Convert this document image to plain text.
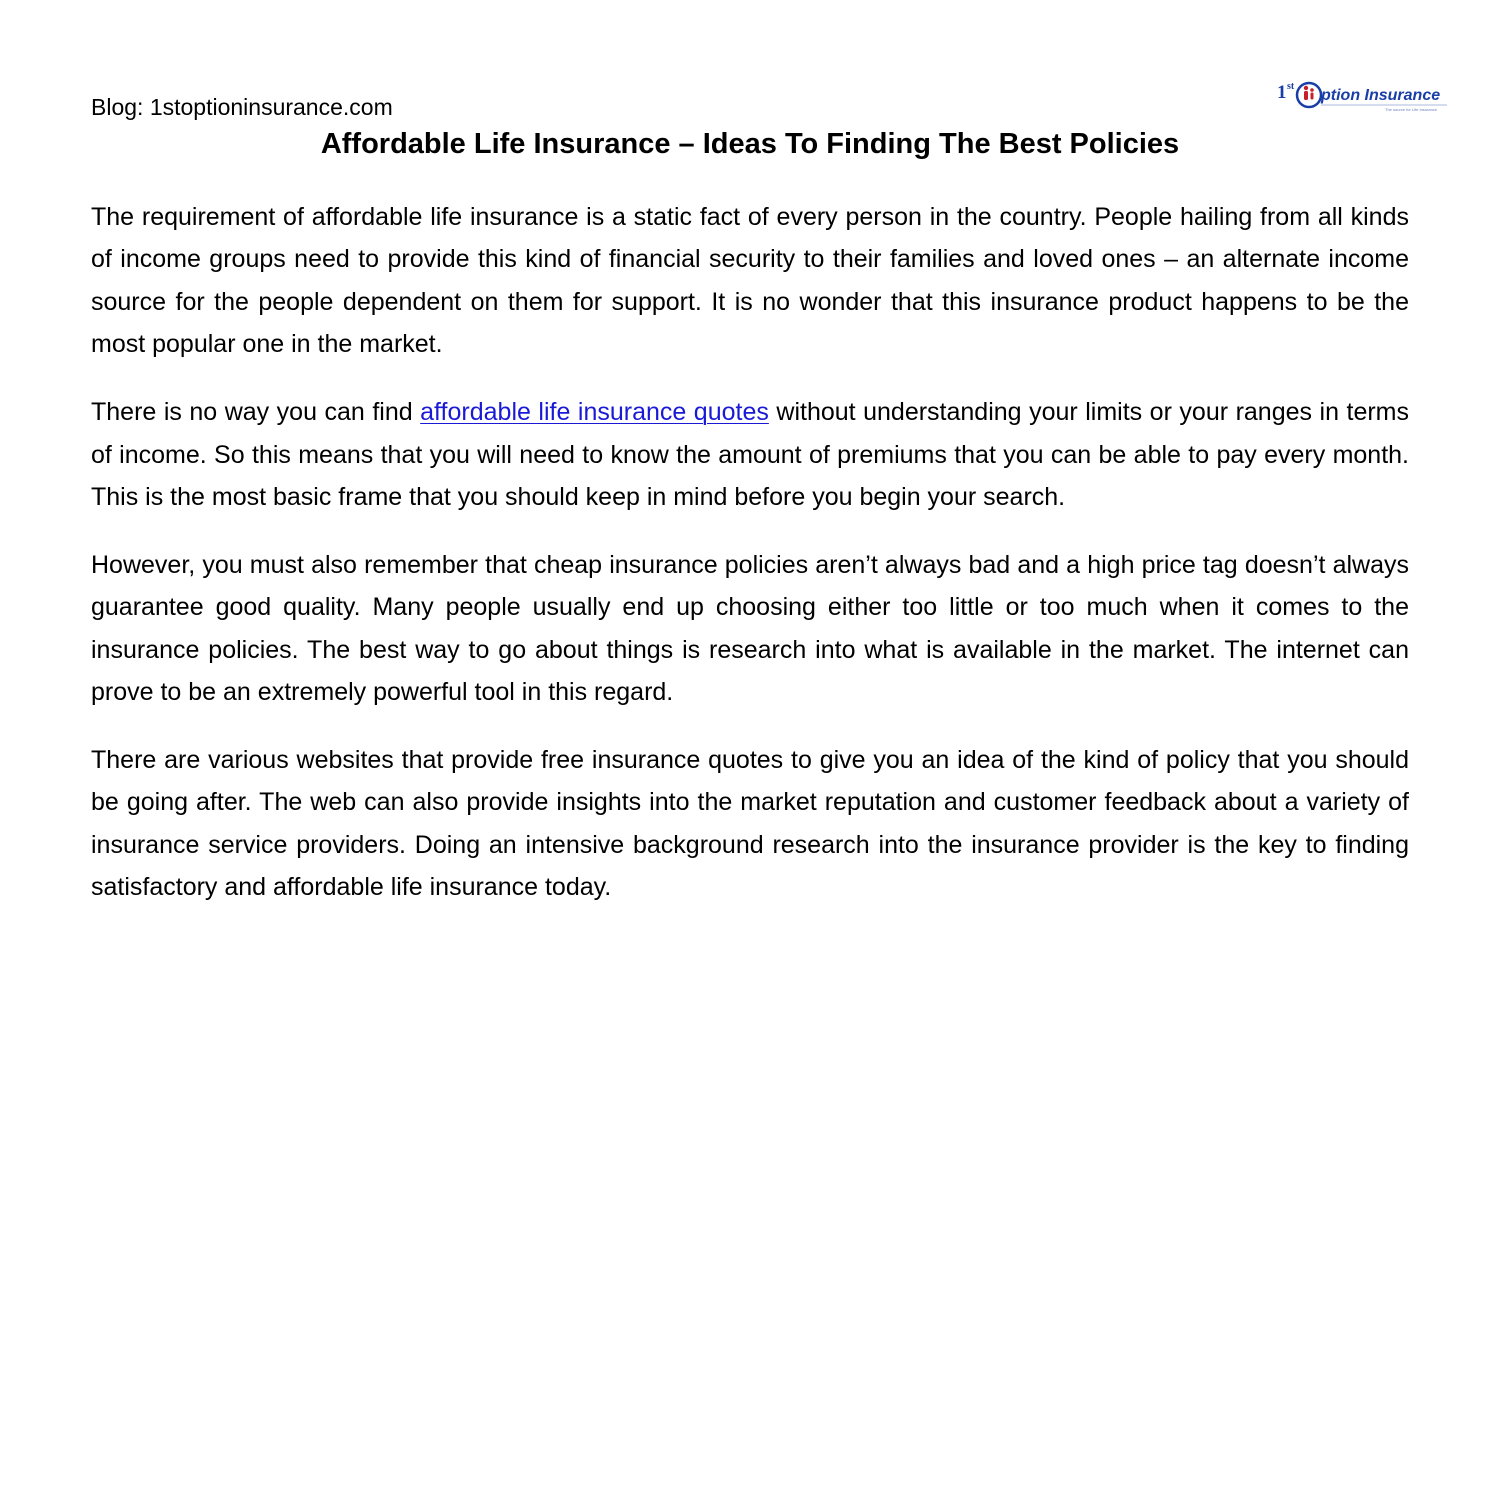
Blog: 1stoptioninsurance.com
1 st
ption Insurance
The source for Life Insurance
Affordable Life Insurance – Ideas To Finding The Best Policies

The requirement of affordable life insurance is a static fact of every person in the country. People hailing from all kinds of income groups need to provide this kind of financial security to their families and loved ones – an alternate income source for the people dependent on them for support. It is no wonder that this insurance product happens to be the most popular one in the market.

There is no way you can find affordable life insurance quotes without understanding your limits or your ranges in terms of income. So this means that you will need to know the amount of premiums that you can be able to pay every month. This is the most basic frame that you should keep in mind before you begin your search.

However, you must also remember that cheap insurance policies aren’t always bad and a high price tag doesn’t always guarantee good quality. Many people usually end up choosing either too little or too much when it comes to the insurance policies. The best way to go about things is research into what is available in the market. The internet can prove to be an extremely powerful tool in this regard.

There are various websites that provide free insurance quotes to give you an idea of the kind of policy that you should be going after. The web can also provide insights into the market reputation and customer feedback about a variety of insurance service providers. Doing an intensive background research into the insurance provider is the key to finding satisfactory and affordable life insurance today.
